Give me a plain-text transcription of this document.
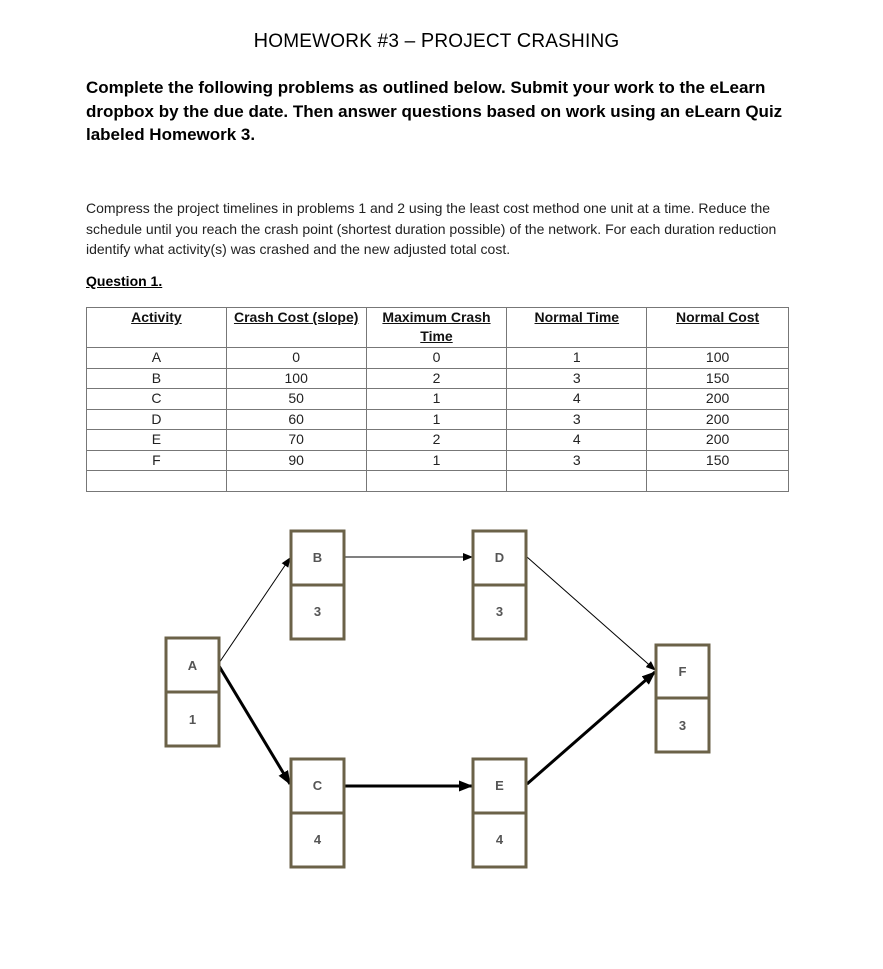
HOMEWORK #3 – PROJECT CRASHING
Complete the following problems as outlined below. Submit your work to the eLearn dropbox by the due date. Then answer questions based on work using an eLearn Quiz labeled Homework 3.
Compress the project timelines in problems 1 and 2 using the least cost method one unit at a time. Reduce the schedule until you reach the crash point (shortest duration possible) of the network. For each duration reduction identify what activity(s) was crashed and the new adjusted total cost.
Question 1.
Activity	Crash Cost (slope)	Maximum Crash Time	Normal Time	Normal Cost
A	0	0	1	100
B	100	2	3	150
C	50	1	4	200
D	60	1	3	200
E	70	2	4	200
F	90	1	3	150

A
1
B
3
C
4
D
3
E
4
F
3
